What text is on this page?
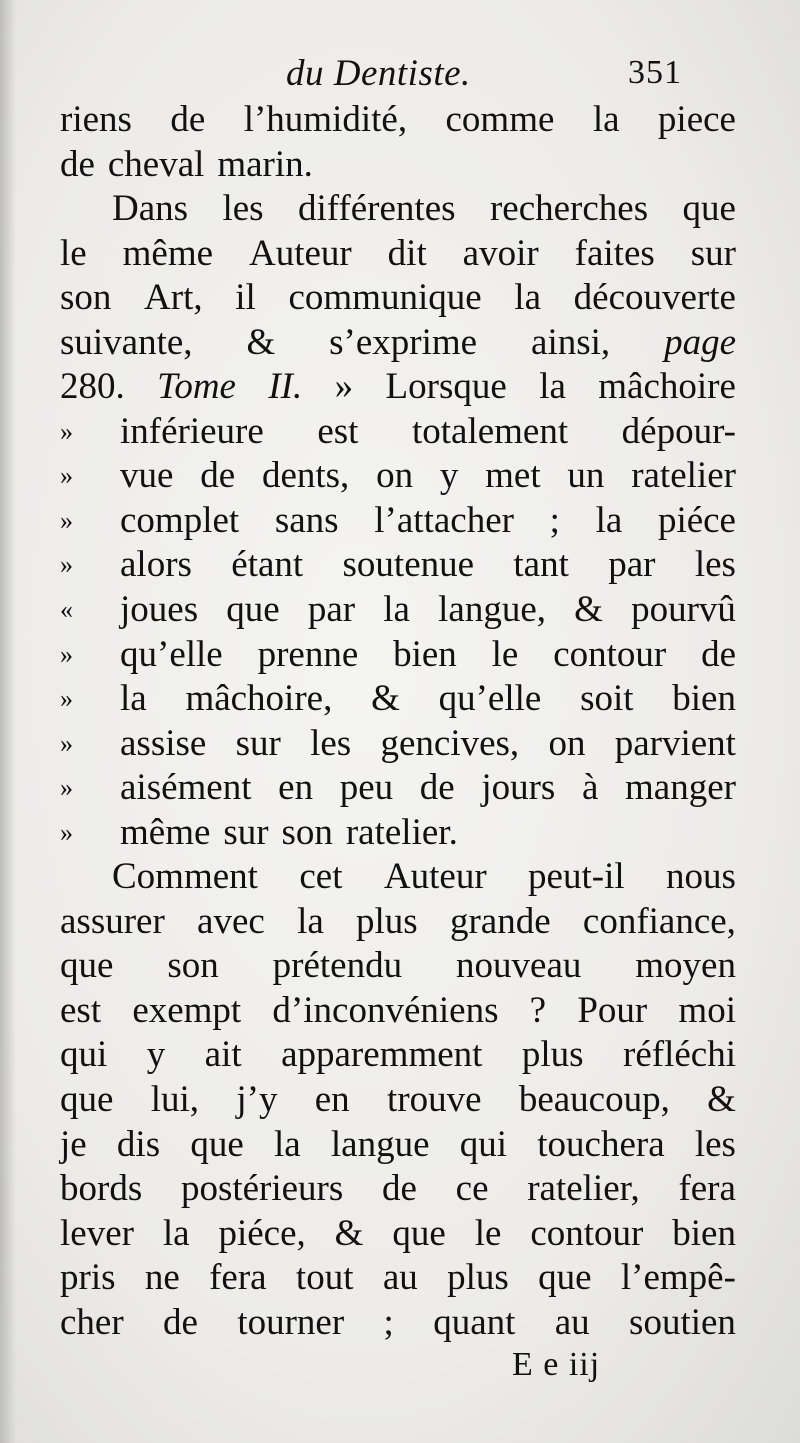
du Dentiste.	351
riens de l’humidité, comme la piece
de cheval marin.
Dans les différentes recherches que
le même Auteur dit avoir faites sur
son Art, il communique la découverte
suivante, & s’exprime ainsi, page
280. Tome II. » Lorsque la mâchoire
» inférieure est totalement dépour-
» vue de dents, on y met un ratelier
» complet sans l’attacher ; la piéce
» alors étant soutenue tant par les
« joues que par la langue, & pourvû
» qu’elle prenne bien le contour de
» la mâchoire, & qu’elle soit bien
» assise sur les gencives, on parvient
» aisément en peu de jours à manger
» même sur son ratelier.
Comment cet Auteur peut-il nous
assurer avec la plus grande confiance,
que son prétendu nouveau moyen
est exempt d’inconvéniens ? Pour moi
qui y ait apparemment plus réfléchi
que lui, j’y en trouve beaucoup, &
je dis que la langue qui touchera les
bords postérieurs de ce ratelier, fera
lever la piéce, & que le contour bien
pris ne fera tout au plus que l’empê-
cher de tourner ; quant au soutien
E e iij
